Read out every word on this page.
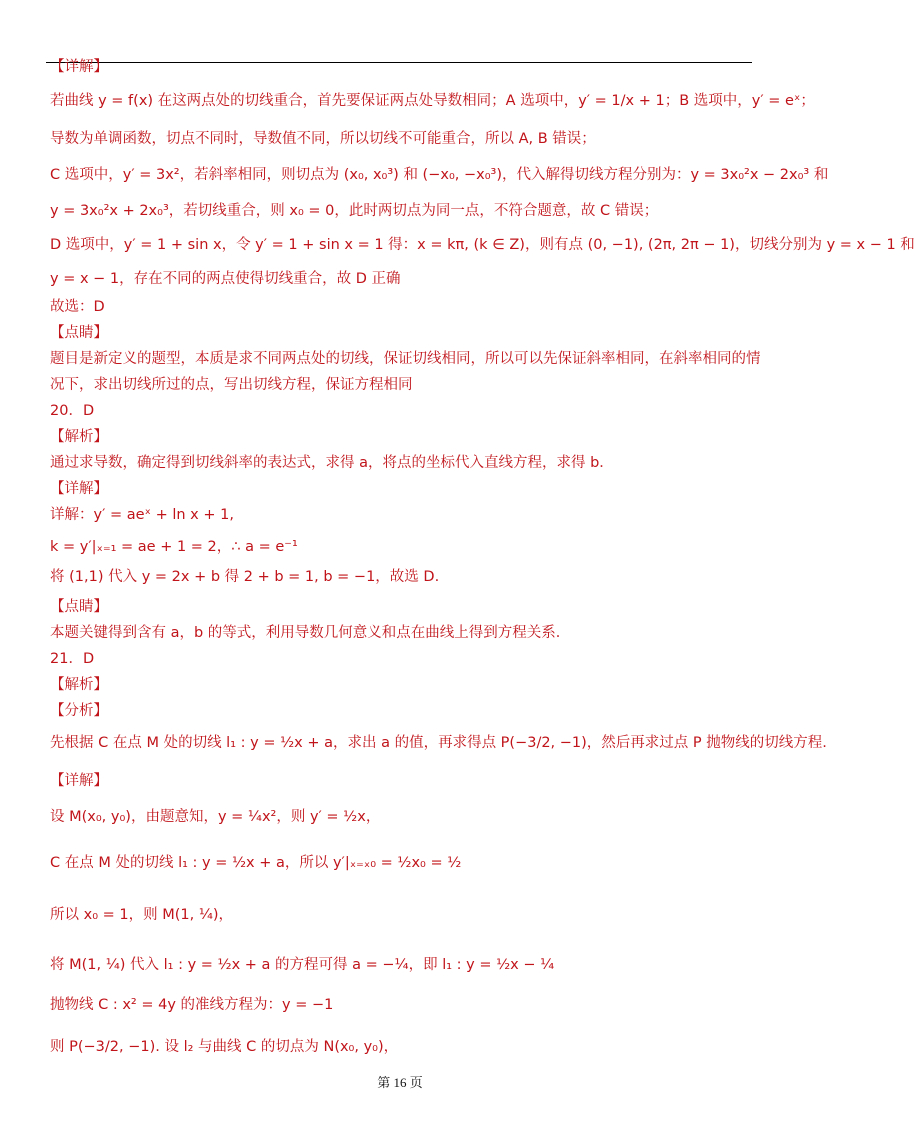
【详解】
若曲线 y = f(x) 在这两点处的切线重合，首先要保证两点处导数相同；A 选项中，y′ = 1/x + 1；B 选项中，y′ = eˣ；
导数为单调函数，切点不同时，导数值不同，所以切线不可能重合，所以 A, B 错误；
C 选项中，y′ = 3x²，若斜率相同，则切点为 (x₀, x₀³) 和 (−x₀, −x₀³)，代入解得切线方程分别为：y = 3x₀²x − 2x₀³ 和
y = 3x₀²x + 2x₀³，若切线重合，则 x₀ = 0，此时两切点为同一点，不符合题意，故 C 错误；
D 选项中，y′ = 1 + sin x，令 y′ = 1 + sin x = 1 得：x = kπ, (k ∈ Z)，则有点 (0, −1), (2π, 2π − 1)，切线分别为 y = x − 1 和
y = x − 1，存在不同的两点使得切线重合，故 D 正确
故选：D
【点睛】
题目是新定义的题型，本质是求不同两点处的切线，保证切线相同，所以可以先保证斜率相同，在斜率相同的情
况下，求出切线所过的点，写出切线方程，保证方程相同
20．D
【解析】
通过求导数，确定得到切线斜率的表达式，求得 a，将点的坐标代入直线方程，求得 b．
【详解】
详解：y′ = aeˣ + ln x + 1,
k = y′|ₓ₌₁ = ae + 1 = 2，∴ a = e⁻¹
将 (1,1) 代入 y = 2x + b 得 2 + b = 1, b = −1，故选 D.
【点睛】
本题关键得到含有 a，b 的等式，利用导数几何意义和点在曲线上得到方程关系．
21．D
【解析】
【分析】
先根据 C 在点 M 处的切线 l₁ : y = ½x + a，求出 a 的值，再求得点 P(−3/2, −1)，然后再求过点 P 抛物线的切线方程.
【详解】
设 M(x₀, y₀)，由题意知，y = ¼x²，则 y′ = ½x，
C 在点 M 处的切线 l₁ : y = ½x + a，所以 y′|ₓ₌ₓ₀ = ½x₀ = ½
所以 x₀ = 1，则 M(1, ¼)，
将 M(1, ¼) 代入 l₁ : y = ½x + a 的方程可得 a = −¼，即 l₁ : y = ½x − ¼
抛物线 C : x² = 4y 的准线方程为：y = −1
则 P(−3/2, −1). 设 l₂ 与曲线 C 的切点为 N(x₀, y₀)，
第 16 页
